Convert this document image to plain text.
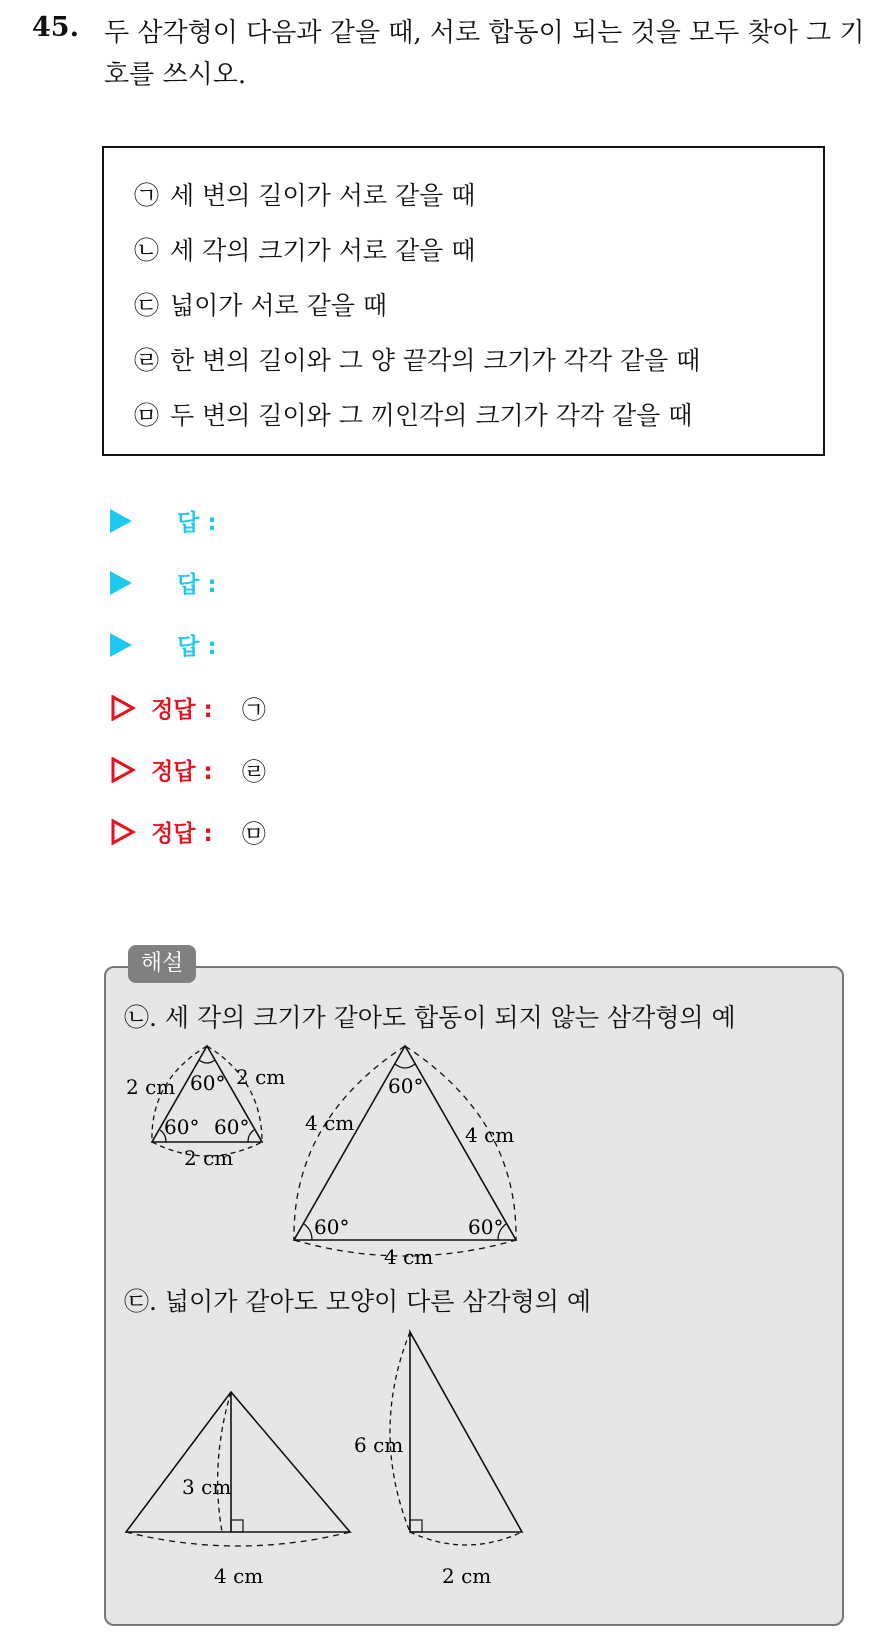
45. 두 삼각형이 다음과 같을 때, 서로 합동이 되는 것을 모두 찾아 그 기호를 쓰시오.
㉠ 세 변의 길이가 서로 같을 때
㉡ 세 각의 크기가 서로 같을 때
㉢ 넓이가 서로 같을 때
㉣ 한 변의 길이와 그 양 끝각의 크기가 각각 같을 때
㉤ 두 변의 길이와 그 끼인각의 크기가 각각 같을 때
답 :
답 :
답 :
정답 : ㉠
정답 : ㉣
정답 : ㉤
해설
㉡. 세 각의 크기가 같아도 합동이 되지 않는 삼각형의 예
2 cm	2 cm
2 cm
60°
60° 60°	4 cm	4 cm
4 cm
60°
60°	60°
3 cm
4 cm
6 cm
2 cm
㉢. 넓이가 같아도 모양이 다른 삼각형의 예
